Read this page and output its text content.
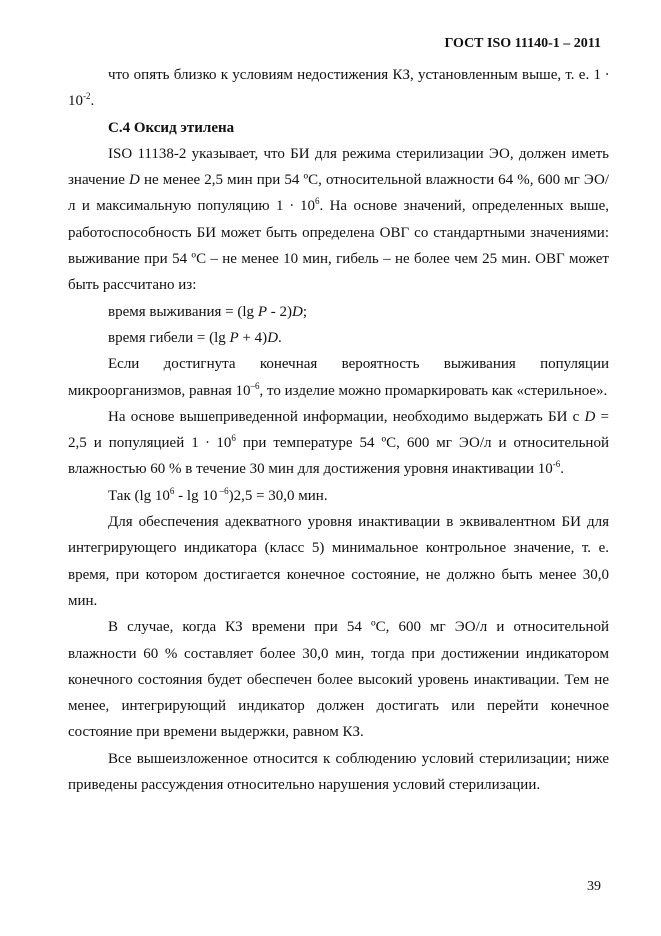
ГОСТ ISO 11140-1 – 2011

что опять близко к условиям недостижения КЗ, установленным выше, т. е. $1 \cdot 10^{-2}$.

С.4 Оксид этилена

ISO 11138-2 указывает, что БИ для режима стерилизации ЭО, должен иметь значение D не менее 2,5 мин при 54 ºС, относительной влажности 64 %, 600 мг ЭО/л и максимальную популяцию $1 \cdot 10^6$. На основе значений, определенных выше, работоспособность БИ может быть определена ОВГ со стандартными значениями: выживание при 54 ºС – не менее 10 мин, гибель – не более чем 25 мин. ОВГ может быть рассчитано из:

время выживания = (lg P - 2)D;

время гибели = (lg P + 4)D.

Если достигнута конечная вероятность выживания популяции микроорганизмов, равная $10^{-6}$, то изделие можно промаркировать как «стерильное».

На основе вышеприведенной информации, необходимо выдержать БИ с D = 2,5 и популяцией $1 \cdot 10^6$ при температуре 54 ºС, 600 мг ЭО/л и относительной влажностью 60 % в течение 30 мин для достижения уровня инактивации $10^{-6}$.

Так (lg $10^6$ - lg 10 $^{-6}$)2,5 = 30,0 мин.

Для обеспечения адекватного уровня инактивации в эквивалентном БИ для интегрирующего индикатора (класс 5) минимальное контрольное значение, т. е. время, при котором достигается конечное состояние, не должно быть менее 30,0 мин.

В случае, когда КЗ времени при 54 ºС, 600 мг ЭО/л и относительной влажности 60 % составляет более 30,0 мин, тогда при достижении индикатором конечного состояния будет обеспечен более высокий уровень инактивации. Тем не менее, интегрирующий индикатор должен достигать или перейти конечное состояние при времени выдержки, равном КЗ.

Все вышеизложенное относится к соблюдению условий стерилизации; ниже приведены рассуждения относительно нарушения условий стерилизации.

39
